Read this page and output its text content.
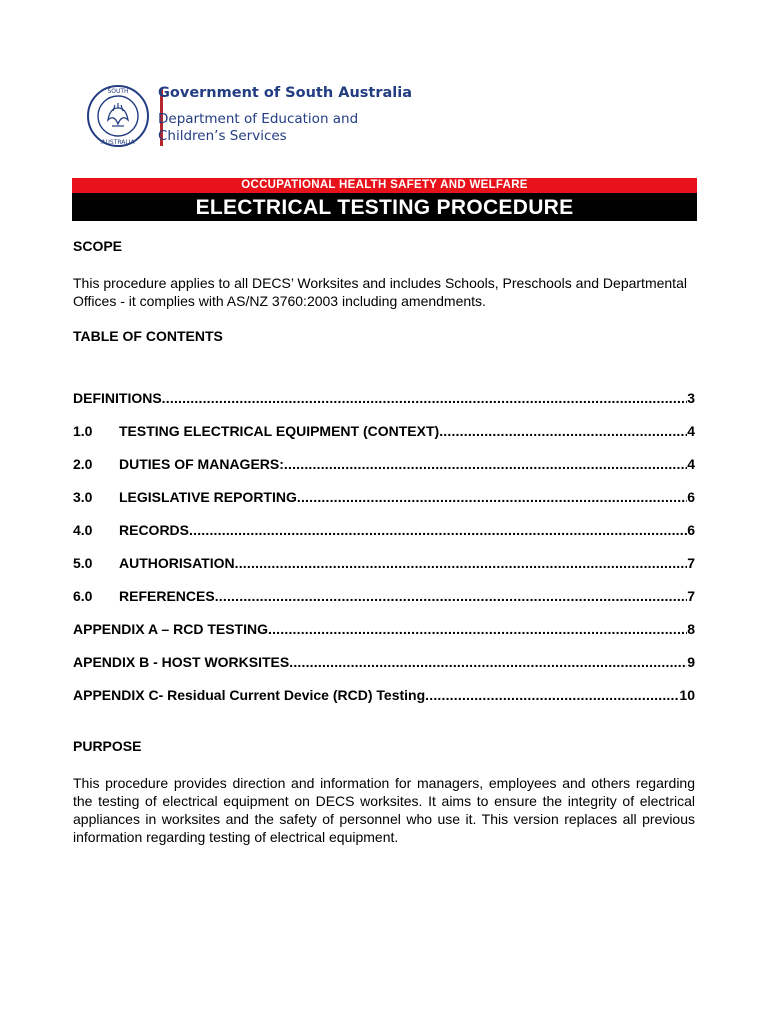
SOUTH
AUSTRALIA
Government of South Australia
Department of Education and
Children’s Services
OCCUPATIONAL HEALTH SAFETY AND WELFARE
ELECTRICAL TESTING PROCEDURE
SCOPE
This procedure applies to all DECS’ Worksites and includes Schools, Preschools and Departmental Offices - it complies with AS/NZ 3760:2003 including amendments.
TABLE OF CONTENTS
DEFINITIONS .....	3
1.0	TESTING ELECTRICAL EQUIPMENT (CONTEXT) .....	4
2.0	DUTIES OF MANAGERS: .....	4
3.0	LEGISLATIVE REPORTING .....	6
4.0	RECORDS .....	6
5.0	AUTHORISATION .....	7
6.0	REFERENCES .....	7
APPENDIX A – RCD TESTING .....	8
APENDIX B - HOST WORKSITES .....	9
APPENDIX C- Residual Current Device (RCD) Testing .....	10
PURPOSE
This procedure provides direction and information for managers, employees and others regarding the testing of electrical equipment on DECS worksites. It aims to ensure the integrity of electrical appliances in worksites and the safety of personnel who use it. This version replaces all previous information regarding testing of electrical equipment.
